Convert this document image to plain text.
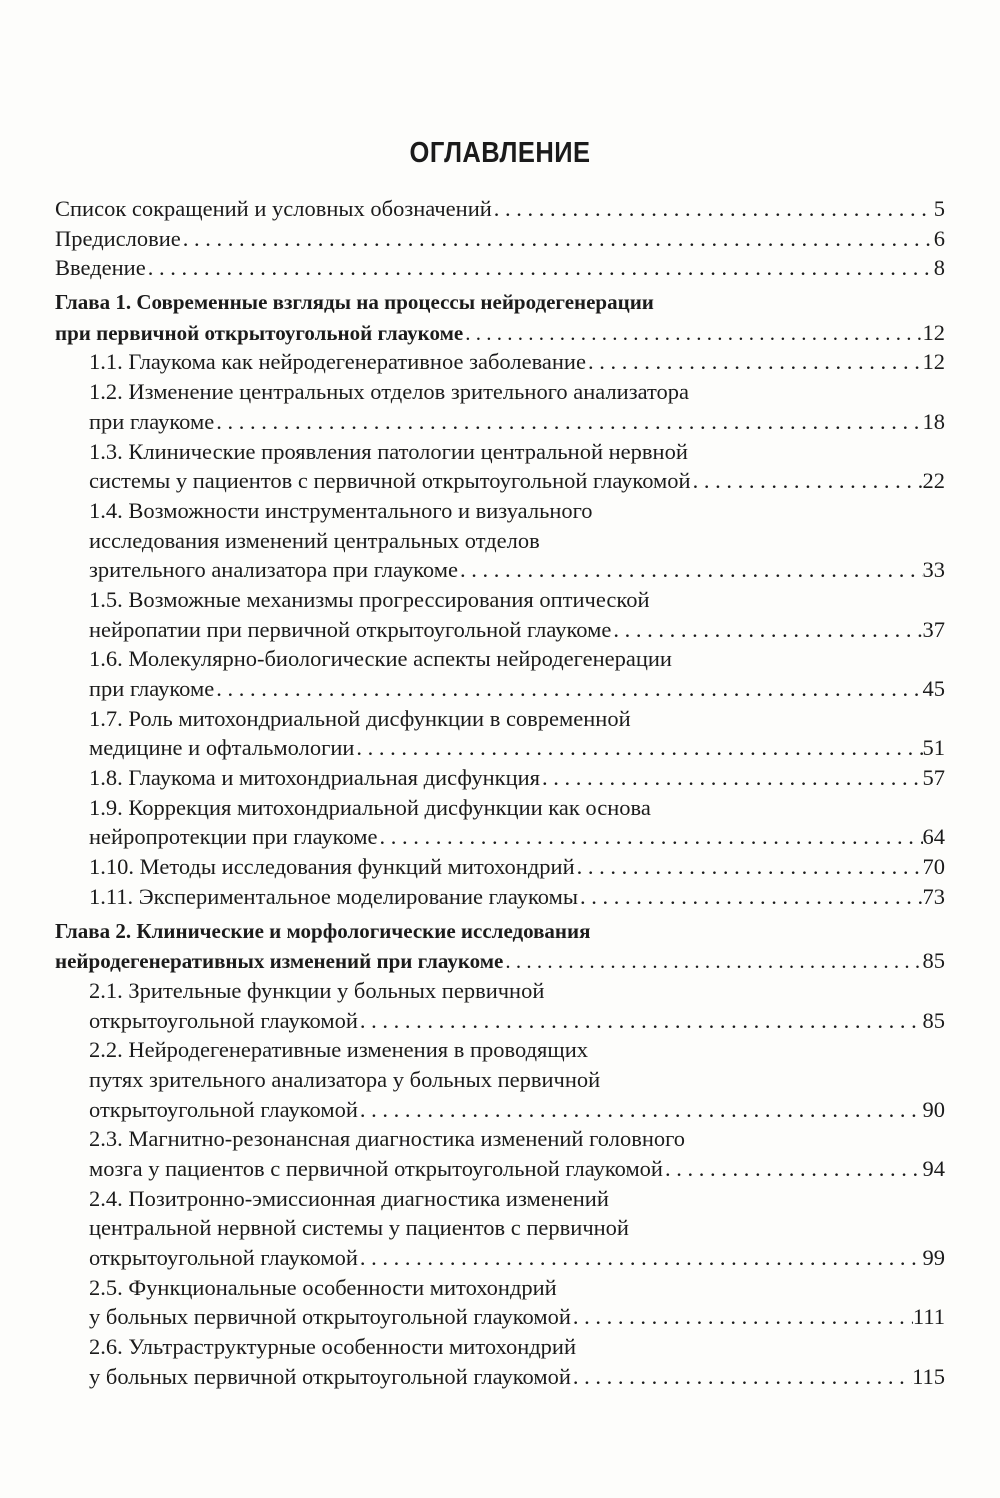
ОГЛАВЛЕНИЕ
Список сокращений и условных обозначений . . .	5
Предисловие . . .	6
Введение . . .	8
Глава 1. Современные взгляды на процессы нейродегенерации
при первичной открытоугольной глаукоме . . .	12
1.1. Глаукома как нейродегенеративное заболевание . . .	12
1.2. Изменение центральных отделов зрительного анализатора
при глаукоме . . .	18
1.3. Клинические проявления патологии центральной нервной
системы у пациентов с первичной открытоугольной глаукомой . . .	22
1.4. Возможности инструментального и визуального
исследования изменений центральных отделов
зрительного анализатора при глаукоме . . .	33
1.5. Возможные механизмы прогрессирования оптической
нейропатии при первичной открытоугольной глаукоме . . .	37
1.6. Молекулярно-биологические аспекты нейродегенерации
при глаукоме . . .	45
1.7. Роль митохондриальной дисфункции в современной
медицине и офтальмологии . . .	51
1.8. Глаукома и митохондриальная дисфункция . . .	57
1.9. Коррекция митохондриальной дисфункции как основа
нейропротекции при глаукоме . . .	64
1.10. Методы исследования функций митохондрий . . .	70
1.11. Экспериментальное моделирование глаукомы . . .	73
Глава 2. Клинические и морфологические исследования
нейродегенеративных изменений при глаукоме . . .	85
2.1. Зрительные функции у больных первичной
открытоугольной глаукомой . . .	85
2.2. Нейродегенеративные изменения в проводящих
путях зрительного анализатора у больных первичной
открытоугольной глаукомой . . .	90
2.3. Магнитно-резонансная диагностика изменений головного
мозга у пациентов с первичной открытоугольной глаукомой . . .	94
2.4. Позитронно-эмиссионная диагностика изменений
центральной нервной системы у пациентов с первичной
открытоугольной глаукомой . . .	99
2.5. Функциональные особенности митохондрий
у больных первичной открытоугольной глаукомой . . .	111
2.6. Ультраструктурные особенности митохондрий
у больных первичной открытоугольной глаукомой . . .	115
